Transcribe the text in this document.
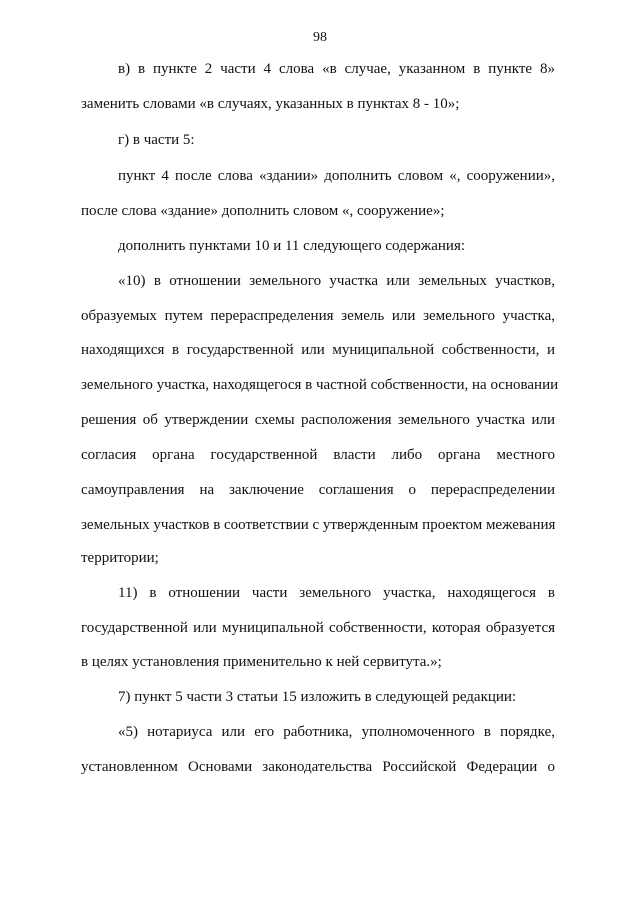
98

в) в пункте 2 части 4 слова «в случае, указанном в пункте 8»

заменить словами «в случаях, указанных в пунктах 8 - 10»;

г) в части 5:

пункт 4 после слова «здании» дополнить словом «, сооружении»,

после слова «здание» дополнить словом «, сооружение»;

дополнить пунктами 10 и 11 следующего содержания:

«10) в отношении земельного участка или земельных участков,

образуемых путем перераспределения земель или земельного участка,

находящихся в государственной или муниципальной собственности, и

земельного участка, находящегося в частной собственности, на основании

решения об утверждении схемы расположения земельного участка или

согласия органа государственной власти либо органа местного

самоуправления на заключение соглашения о перераспределении

земельных участков в соответствии с утвержденным проектом межевания

территории;

11) в отношении части земельного участка, находящегося в

государственной или муниципальной собственности, которая образуется

в целях установления применительно к ней сервитута.»;

7) пункт 5 части 3 статьи 15 изложить в следующей редакции:

«5) нотариуса или его работника, уполномоченного в порядке,

установленном Основами законодательства Российской Федерации о
